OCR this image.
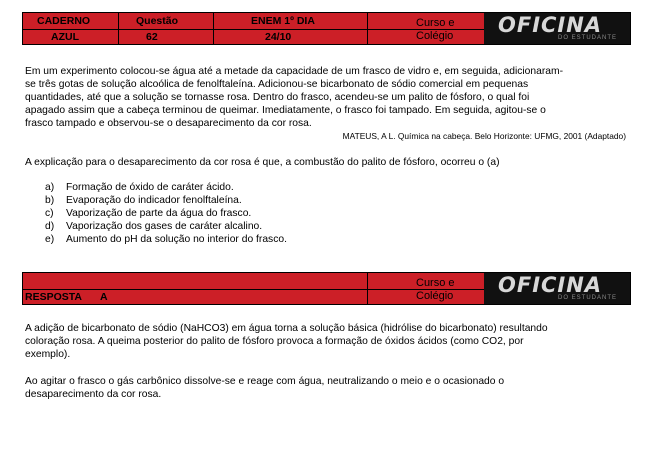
CADERNO
AZUL
Questão
62
ENEM 1º DIA
24/10
Curso e
Colégio OFICINA
DO ESTUDANTE
Em um experimento colocou-se água até a metade da capacidade de um frasco de vidro e, em seguida, adicionaram-
se três gotas de solução alcoólica de fenolftaleína. Adicionou-se bicarbonato de sódio comercial em pequenas
quantidades, até que a solução se tornasse rosa. Dentro do frasco, acendeu-se um palito de fósforo, o qual foi
apagado assim que a cabeça terminou de queimar. Imediatamente, o frasco foi tampado. Em seguida, agitou-se o
frasco tampado e observou-se o desaparecimento da cor rosa.
MATEUS, A L. Química na cabeça. Belo Horizonte: UFMG, 2001 (Adaptado)
A explicação para o desaparecimento da cor rosa é que, a combustão do palito de fósforo, ocorreu o (a)
a) Formação de óxido de caráter ácido.
b) Evaporação do indicador fenolftaleína.
c) Vaporização de parte da água do frasco.
d) Vaporização dos gases de caráter alcalino.
e) Aumento do pH da solução no interior do frasco.
RESPOSTA A
Curso e
Colégio OFICINA
DO ESTUDANTE
A adição de bicarbonato de sódio (NaHCO3) em água torna a solução básica (hidrólise do bicarbonato) resultando
coloração rosa. A queima posterior do palito de fósforo provoca a formação de óxidos ácidos (como CO2, por
exemplo).
Ao agitar o frasco o gás carbônico dissolve-se e reage com água, neutralizando o meio e o ocasionado o
desaparecimento da cor rosa.
